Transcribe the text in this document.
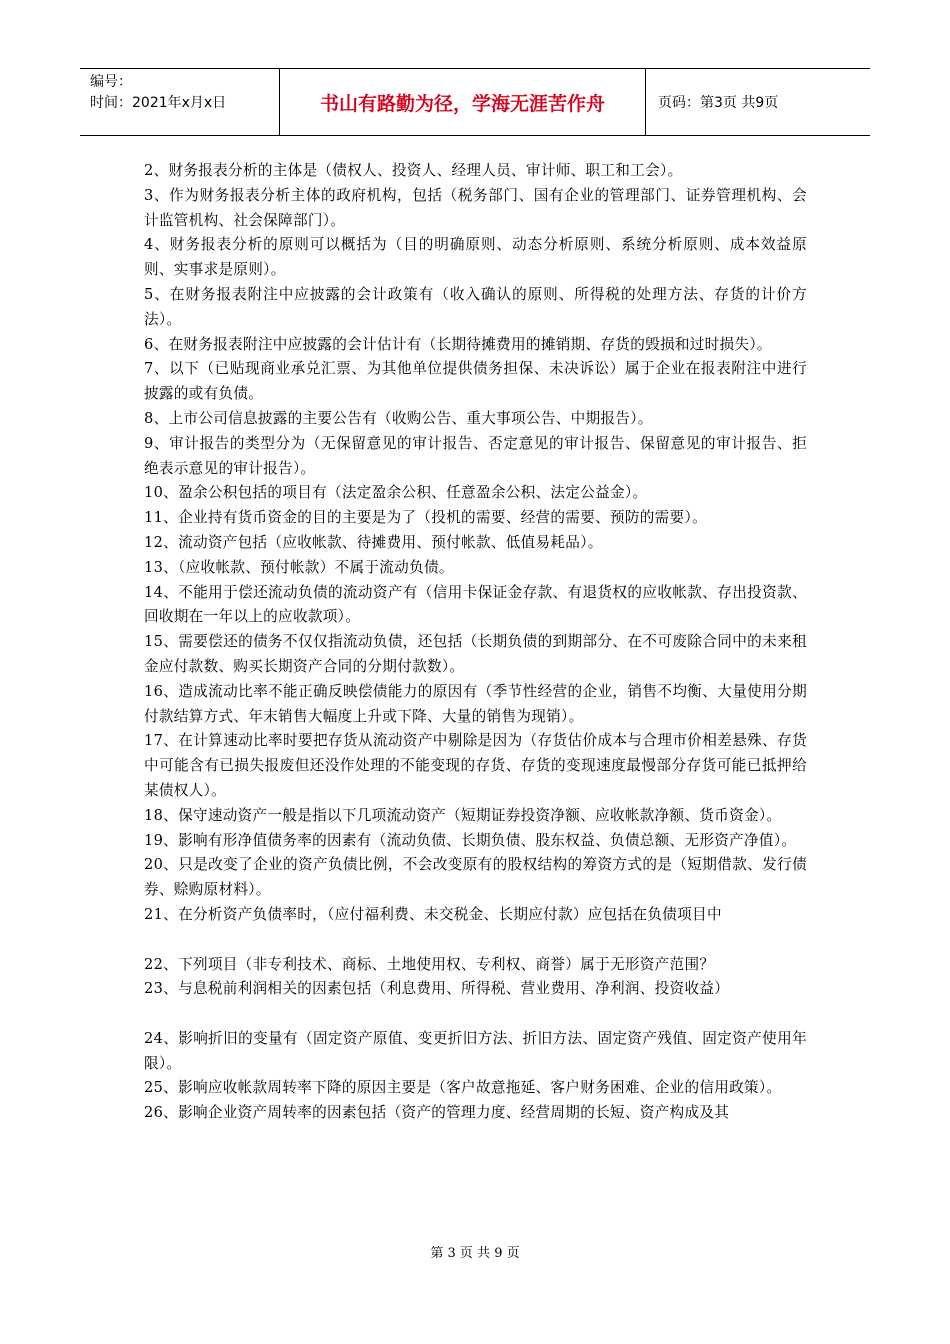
编号：
时间：2021年x月x日	书山有路勤为径，学海无涯苦作舟	页码：第3页 共9页

2、财务报表分析的主体是（债权人、投资人、经理人员、审计师、职工和工会）。

3、作为财务报表分析主体的政府机构，包括（税务部门、国有企业的管理部门、证券管理机构、会计监管机构、社会保障部门）。

4、财务报表分析的原则可以概括为（目的明确原则、动态分析原则、系统分析原则、成本效益原则、实事求是原则）。

5、在财务报表附注中应披露的会计政策有（收入确认的原则、所得税的处理方法、存货的计价方法）。

6、在财务报表附注中应披露的会计估计有（长期待摊费用的摊销期、存货的毁损和过时损失）。

7、以下（已贴现商业承兑汇票、为其他单位提供债务担保、未决诉讼）属于企业在报表附注中进行披露的或有负债。

8、上市公司信息披露的主要公告有（收购公告、重大事项公告、中期报告）。

9、审计报告的类型分为（无保留意见的审计报告、否定意见的审计报告、保留意见的审计报告、拒绝表示意见的审计报告）。

10、盈余公积包括的项目有（法定盈余公积、任意盈余公积、法定公益金）。

11、企业持有货币资金的目的主要是为了（投机的需要、经营的需要、预防的需要）。

12、流动资产包括（应收帐款、待摊费用、预付帐款、低值易耗品）。

13、（应收帐款、预付帐款）不属于流动负债。

14、不能用于偿还流动负债的流动资产有（信用卡保证金存款、有退货权的应收帐款、存出投资款、回收期在一年以上的应收款项）。

15、需要偿还的债务不仅仅指流动负债，还包括（长期负债的到期部分、在不可废除合同中的未来租金应付款数、购买长期资产合同的分期付款数）。

16、造成流动比率不能正确反映偿债能力的原因有（季节性经营的企业，销售不均衡、大量使用分期付款结算方式、年末销售大幅度上升或下降、大量的销售为现销）。

17、在计算速动比率时要把存货从流动资产中剔除是因为（存货估价成本与合理市价相差悬殊、存货中可能含有已损失报废但还没作处理的不能变现的存货、存货的变现速度最慢部分存货可能已抵押给某债权人）。

18、保守速动资产一般是指以下几项流动资产（短期证券投资净额、应收帐款净额、货币资金）。

19、影响有形净值债务率的因素有（流动负债、长期负债、股东权益、负债总额、无形资产净值）。

20、只是改变了企业的资产负债比例，不会改变原有的股权结构的筹资方式的是（短期借款、发行债券、赊购原材料）。

21、在分析资产负债率时，（应付福利费、未交税金、长期应付款）应包括在负债项目中

22、下列项目（非专利技术、商标、土地使用权、专利权、商誉）属于无形资产范围？

23、与息税前利润相关的因素包括（利息费用、所得税、营业费用、净利润、投资收益）

24、影响折旧的变量有（固定资产原值、变更折旧方法、折旧方法、固定资产残值、固定资产使用年限）。

25、影响应收帐款周转率下降的原因主要是（客户故意拖延、客户财务困难、企业的信用政策）。

26、影响企业资产周转率的因素包括（资产的管理力度、经营周期的长短、资产构成及其

第 3 页 共 9 页
